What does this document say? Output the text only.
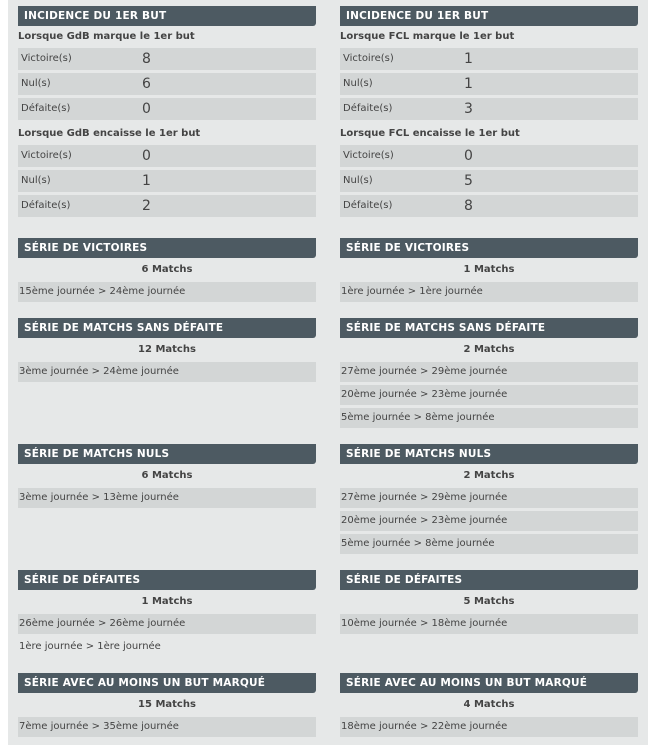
INCIDENCE DU 1ER BUT
Lorsque GdB marque le 1er but
Victoire(s)	8
Nul(s)	6
Défaite(s)	0
Lorsque GdB encaisse le 1er but
Victoire(s)	0
Nul(s)	1
Défaite(s)	2
SÉRIE DE VICTOIRES
6 Matchs
15ème journée > 24ème journée
SÉRIE DE MATCHS SANS DÉFAITE
12 Matchs
3ème journée > 24ème journée
SÉRIE DE MATCHS NULS
6 Matchs
3ème journée > 13ème journée
SÉRIE DE DÉFAITES
1 Matchs
26ème journée > 26ème journée
1ère journée > 1ère journée
SÉRIE AVEC AU MOINS UN BUT MARQUÉ
15 Matchs
7ème journée > 35ème journée
INCIDENCE DU 1ER BUT
Lorsque FCL marque le 1er but
Victoire(s)	1
Nul(s)	1
Défaite(s)	3
Lorsque FCL encaisse le 1er but
Victoire(s)	0
Nul(s)	5
Défaite(s)	8
SÉRIE DE VICTOIRES
1 Matchs
1ère journée > 1ère journée
SÉRIE DE MATCHS SANS DÉFAITE
2 Matchs
27ème journée > 29ème journée
20ème journée > 23ème journée
5ème journée > 8ème journée
SÉRIE DE MATCHS NULS
2 Matchs
27ème journée > 29ème journée
20ème journée > 23ème journée
5ème journée > 8ème journée
SÉRIE DE DÉFAITES
5 Matchs
10ème journée > 18ème journée
SÉRIE AVEC AU MOINS UN BUT MARQUÉ
4 Matchs
18ème journée > 22ème journée
